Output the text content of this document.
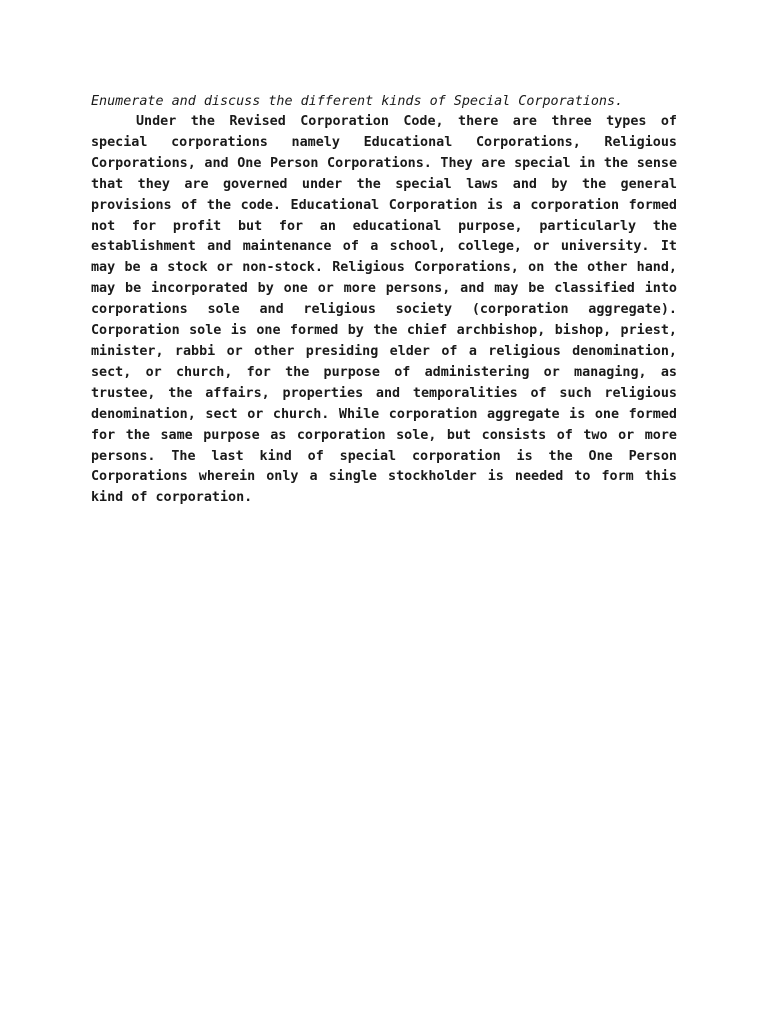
Enumerate and discuss the different kinds of Special Corporations.

Under the Revised Corporation Code, there are three types of special corporations namely Educational Corporations, Religious Corporations, and One Person Corporations. They are special in the sense that they are governed under the special laws and by the general provisions of the code. Educational Corporation is a corporation formed not for profit but for an educational purpose, particularly the establishment and maintenance of a school, college, or university. It may be a stock or non-stock. Religious Corporations, on the other hand, may be incorporated by one or more persons, and may be classified into corporations sole and religious society (corporation aggregate). Corporation sole is one formed by the chief archbishop, bishop, priest, minister, rabbi or other presiding elder of a religious denomination, sect, or church, for the purpose of administering or managing, as trustee, the affairs, properties and temporalities of such religious denomination, sect or church. While corporation aggregate is one formed for the same purpose as corporation sole, but consists of two or more persons. The last kind of special corporation is the One Person Corporations wherein only a single stockholder is needed to form this kind of corporation.
